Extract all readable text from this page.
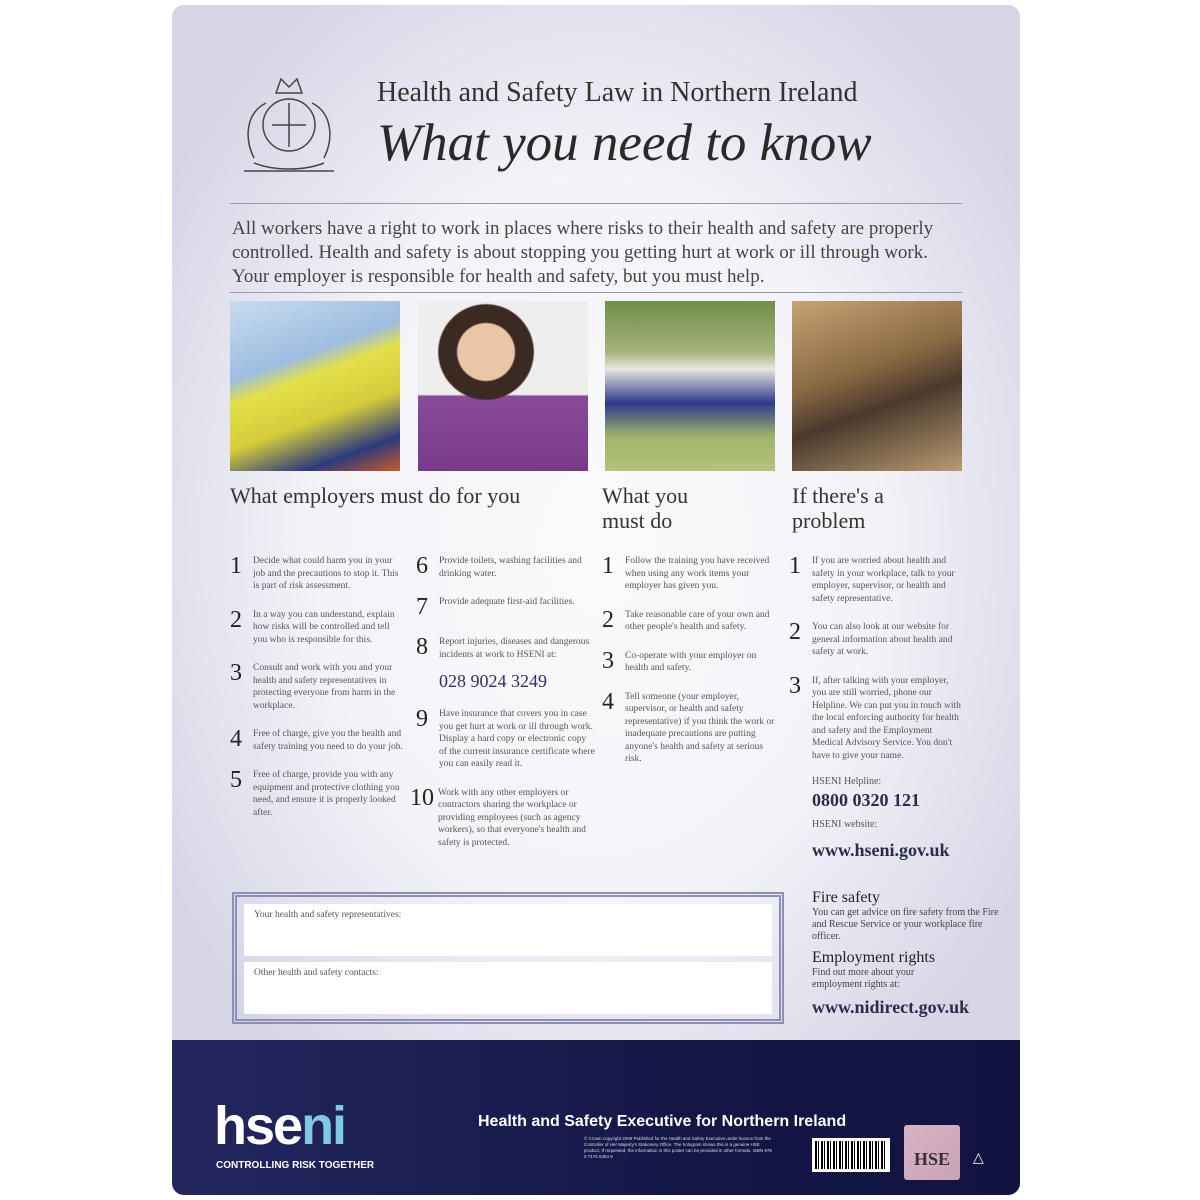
Health and Safety Law in Northern Ireland
What you need to know
All workers have a right to work in places where risks to their health and safety are properly controlled. Health and safety is about stopping you getting hurt at work or ill through work. Your employer is responsible for health and safety, but you must help.
What employers must do for you	What you must do
If there's a problem
1	Decide what could harm you in your job and the precautions to stop it. This is part of risk assessment.
2	In a way you can understand, explain how risks will be controlled and tell you who is responsible for this.
3	Consult and work with you and your health and safety representatives in protecting everyone from harm in the workplace.
4	Free of charge, give you the health and safety training you need to do your job.
5	Free of charge, provide you with any equipment and protective clothing you need, and ensure it is properly looked after.
6	Provide toilets, washing facilities and drinking water.
7	Provide adequate first-aid facilities.
8	Report injuries, diseases and dangerous incidents at work to HSENI at:
028 9024 3249
9	Have insurance that covers you in case you get hurt at work or ill through work. Display a hard copy or electronic copy of the current insurance certificate where you can easily read it.
10 Work with any other employers or contractors sharing the workplace or providing employees (such as agency workers), so that everyone's health and safety is protected.
1	Follow the training you have received when using any work items your employer has given you.
2	Take reasonable care of your own and other people's health and safety.
3	Co-operate with your employer on health and safety.
4	Tell someone (your employer, supervisor, or health and safety representative) if you think the work or inadequate precautions are putting anyone's health and safety at serious risk.
1	If you are worried about health and safety in your workplace, talk to your employer, supervisor, or health and safety representative.
2	You can also look at our website for general information about health and safety at work.
3	If, after talking with your employer, you are still worried, phone our Helpline. We can put you in touch with the local enforcing authority for health and safety and the Employment Medical Advisory Service. You don't have to give your name.
HSENI Helpline:
0800 0320 121
HSENI website:
www.hseni.gov.uk
Your health and safety representatives:
Other health and safety contacts:
Fire safety
You can get advice on fire safety from the Fire and Rescue Service or your workplace fire officer.
Employment rights
Find out more about your employment rights at:
www.nidirect.gov.uk
hseni
CONTROLLING RISK TOGETHER
Health and Safety Executive for Northern Ireland
© Crown copyright 2009 Published for the Health and Safety Executive under licence from the Controller of Her Majesty's Stationery Office. The hologram shows this is a genuine HSE product. If requested, the information in this poster can be provided in other formats. ISBN 978 0 7176 6354 8	HSE	△
